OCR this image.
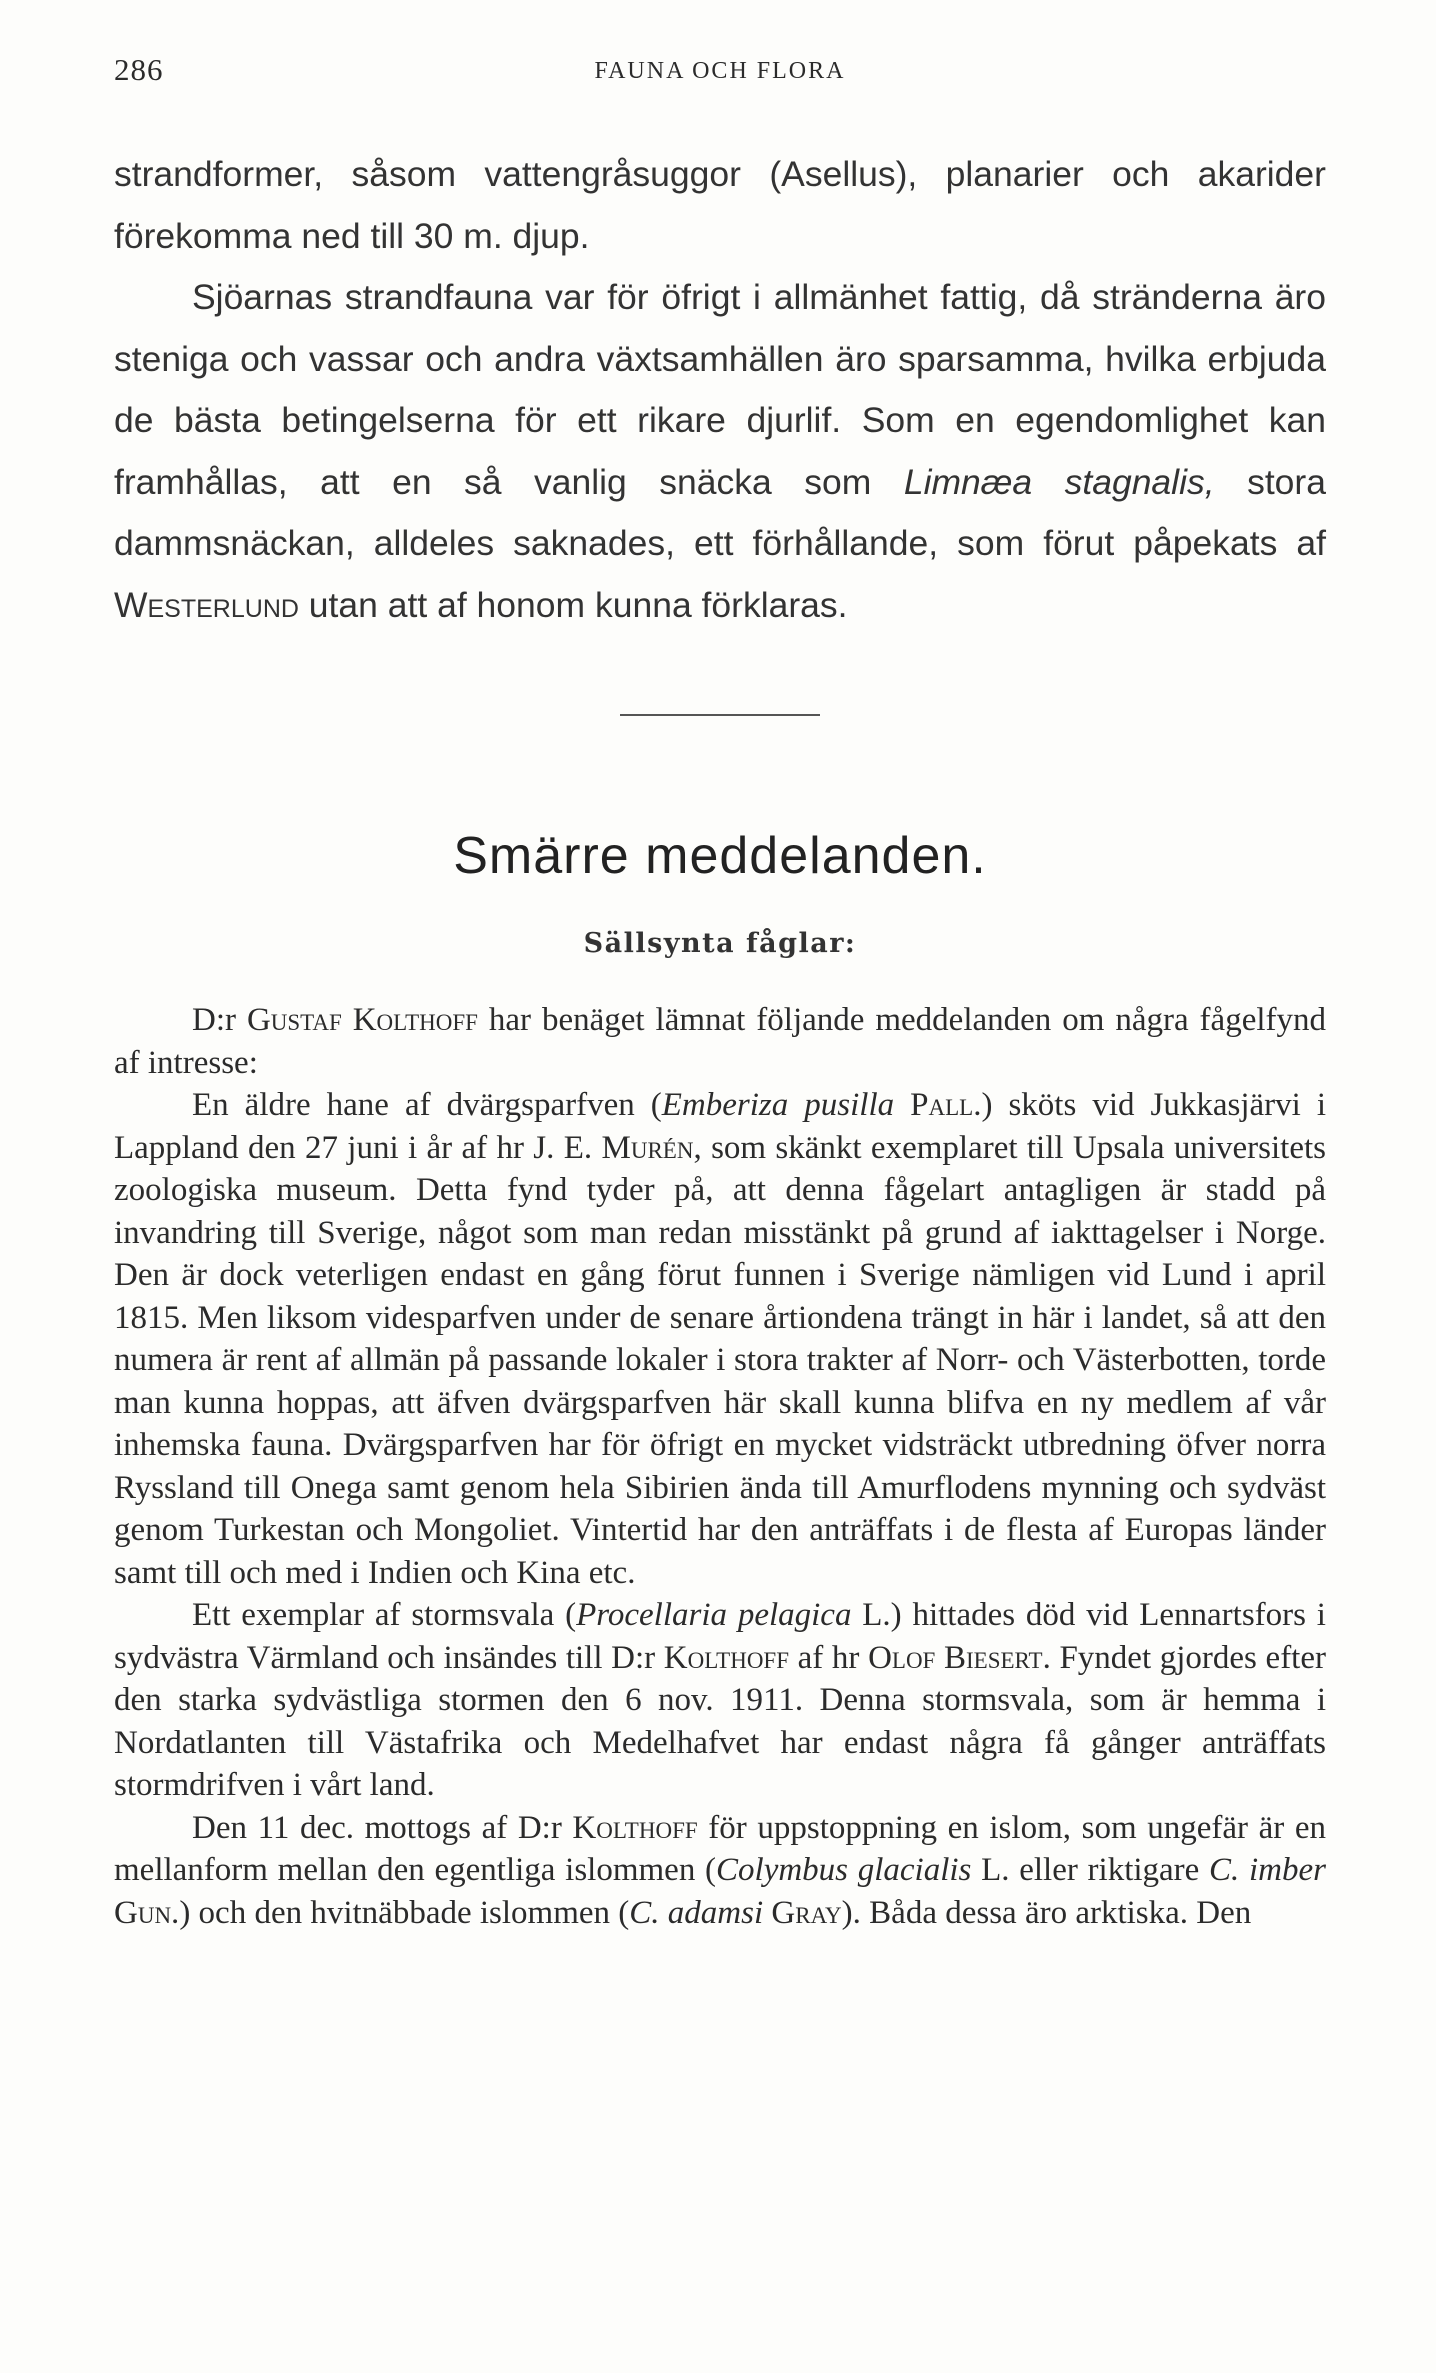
286	FAUNA OCH FLORA

strandformer, såsom vattengråsuggor (Asellus), planarier och akarider förekomma ned till 30 m. djup.

Sjöarnas strandfauna var för öfrigt i allmänhet fattig, då stränderna äro steniga och vassar och andra växtsamhällen äro sparsamma, hvilka erbjuda de bästa betingelserna för ett rikare djurlif. Som en egendomlighet kan framhållas, att en så vanlig snäcka som Limnæa stagnalis, stora dammsnäckan, alldeles saknades, ett förhållande, som förut påpekats af Westerlund utan att af honom kunna förklaras.

Smärre meddelanden.
Sällsynta fåglar:

D:r Gustaf Kolthoff har benäget lämnat följande meddelanden om några fågelfynd af intresse:

En äldre hane af dvärgsparfven (Emberiza pusilla Pall.) sköts vid Jukkasjärvi i Lappland den 27 juni i år af hr J. E. Murén, som skänkt exemplaret till Upsala universitets zoologiska museum. Detta fynd tyder på, att denna fågelart antagligen är stadd på invandring till Sverige, något som man redan misstänkt på grund af iakttagelser i Norge. Den är dock veterligen endast en gång förut funnen i Sverige nämligen vid Lund i april 1815. Men liksom videsparfven under de senare årtiondena trängt in här i landet, så att den numera är rent af allmän på passande lokaler i stora trakter af Norr- och Västerbotten, torde man kunna hoppas, att äfven dvärgsparfven här skall kunna blifva en ny medlem af vår inhemska fauna. Dvärgsparfven har för öfrigt en mycket vidsträckt utbredning öfver norra Ryssland till Onega samt genom hela Sibirien ända till Amurflodens mynning och sydväst genom Turkestan och Mongoliet. Vintertid har den anträffats i de flesta af Europas länder samt till och med i Indien och Kina etc.

Ett exemplar af stormsvala (Procellaria pelagica L.) hittades död vid Lennartsfors i sydvästra Värmland och insändes till D:r Kolthoff af hr Olof Biesert. Fyndet gjordes efter den starka sydvästliga stormen den 6 nov. 1911. Denna stormsvala, som är hemma i Nordatlanten till Västafrika och Medelhafvet har endast några få gånger anträffats stormdrifven i vårt land.

Den 11 dec. mottogs af D:r Kolthoff för uppstoppning en islom, som ungefär är en mellanform mellan den egentliga islommen (Colymbus glacialis L. eller riktigare C. imber Gun.) och den hvitnäbbade islommen (C. adamsi Gray). Båda dessa äro arktiska. Den
